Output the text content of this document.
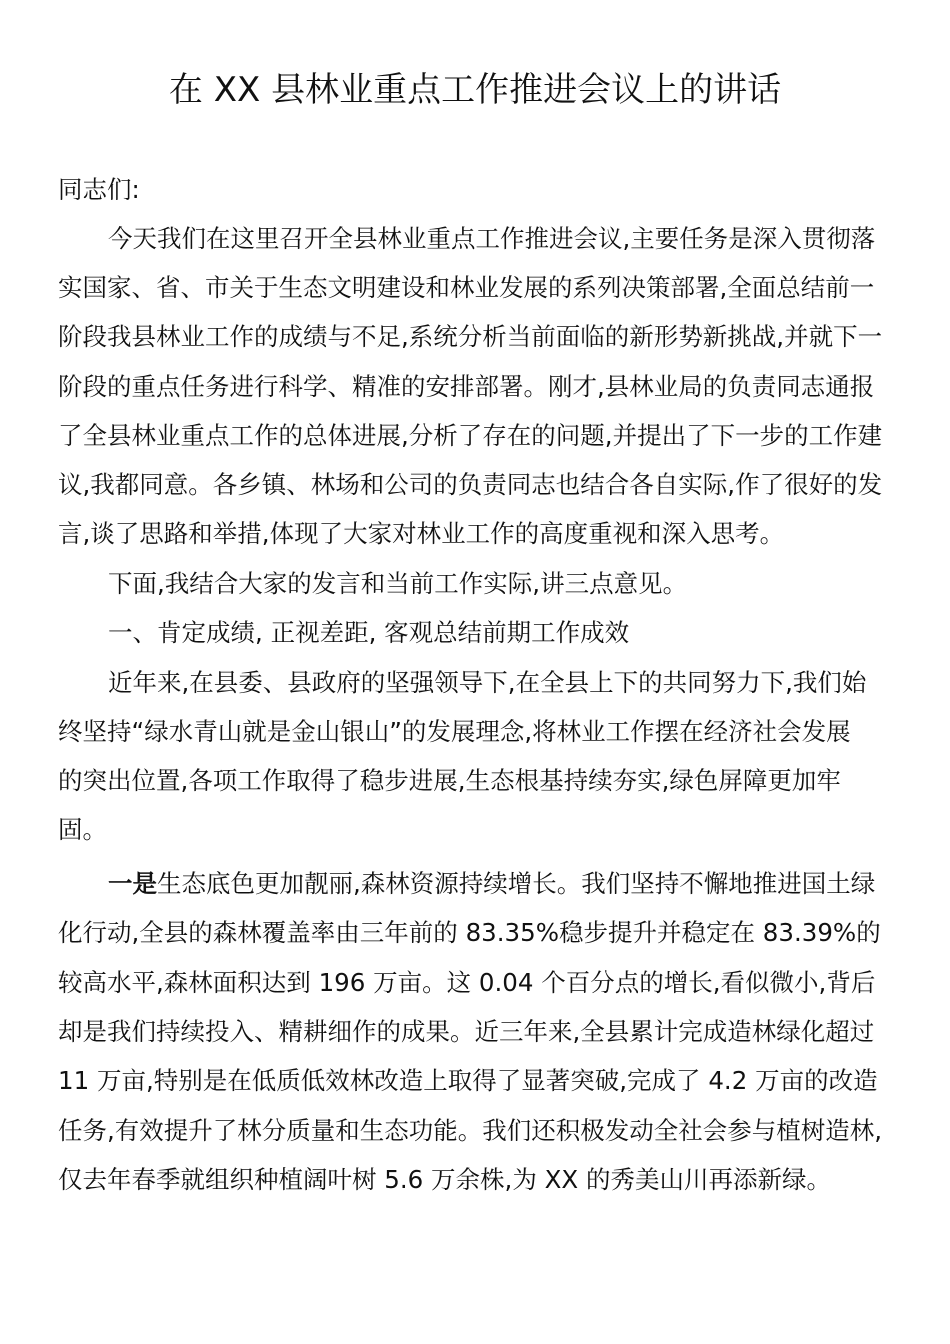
在 XX 县林业重点工作推进会议上的讲话
同志们:
今天我们在这里召开全县林业重点工作推进会议,主要任务是深入贯彻落
实国家、省、市关于生态文明建设和林业发展的系列决策部署,全面总结前一
阶段我县林业工作的成绩与不足,系统分析当前面临的新形势新挑战,并就下一
阶段的重点任务进行科学、精准的安排部署。刚才,县林业局的负责同志通报
了全县林业重点工作的总体进展,分析了存在的问题,并提出了下一步的工作建
议,我都同意。各乡镇、林场和公司的负责同志也结合各自实际,作了很好的发
言,谈了思路和举措,体现了大家对林业工作的高度重视和深入思考。
下面,我结合大家的发言和当前工作实际,讲三点意见。
一、肯定成绩, 正视差距, 客观总结前期工作成效
近年来,在县委、县政府的坚强领导下,在全县上下的共同努力下,我们始
终坚持“绿水青山就是金山银山”的发展理念,将林业工作摆在经济社会发展
的突出位置,各项工作取得了稳步进展,生态根基持续夯实,绿色屏障更加牢
固。
一是生态底色更加靓丽,森林资源持续增长。我们坚持不懈地推进国土绿
化行动,全县的森林覆盖率由三年前的 83.35%稳步提升并稳定在 83.39%的
较高水平,森林面积达到 196 万亩。这 0.04 个百分点的增长,看似微小,背后
却是我们持续投入、精耕细作的成果。近三年来,全县累计完成造林绿化超过
11 万亩,特别是在低质低效林改造上取得了显著突破,完成了 4.2 万亩的改造
任务,有效提升了林分质量和生态功能。我们还积极发动全社会参与植树造林,
仅去年春季就组织种植阔叶树 5.6 万余株,为 XX 的秀美山川再添新绿。
